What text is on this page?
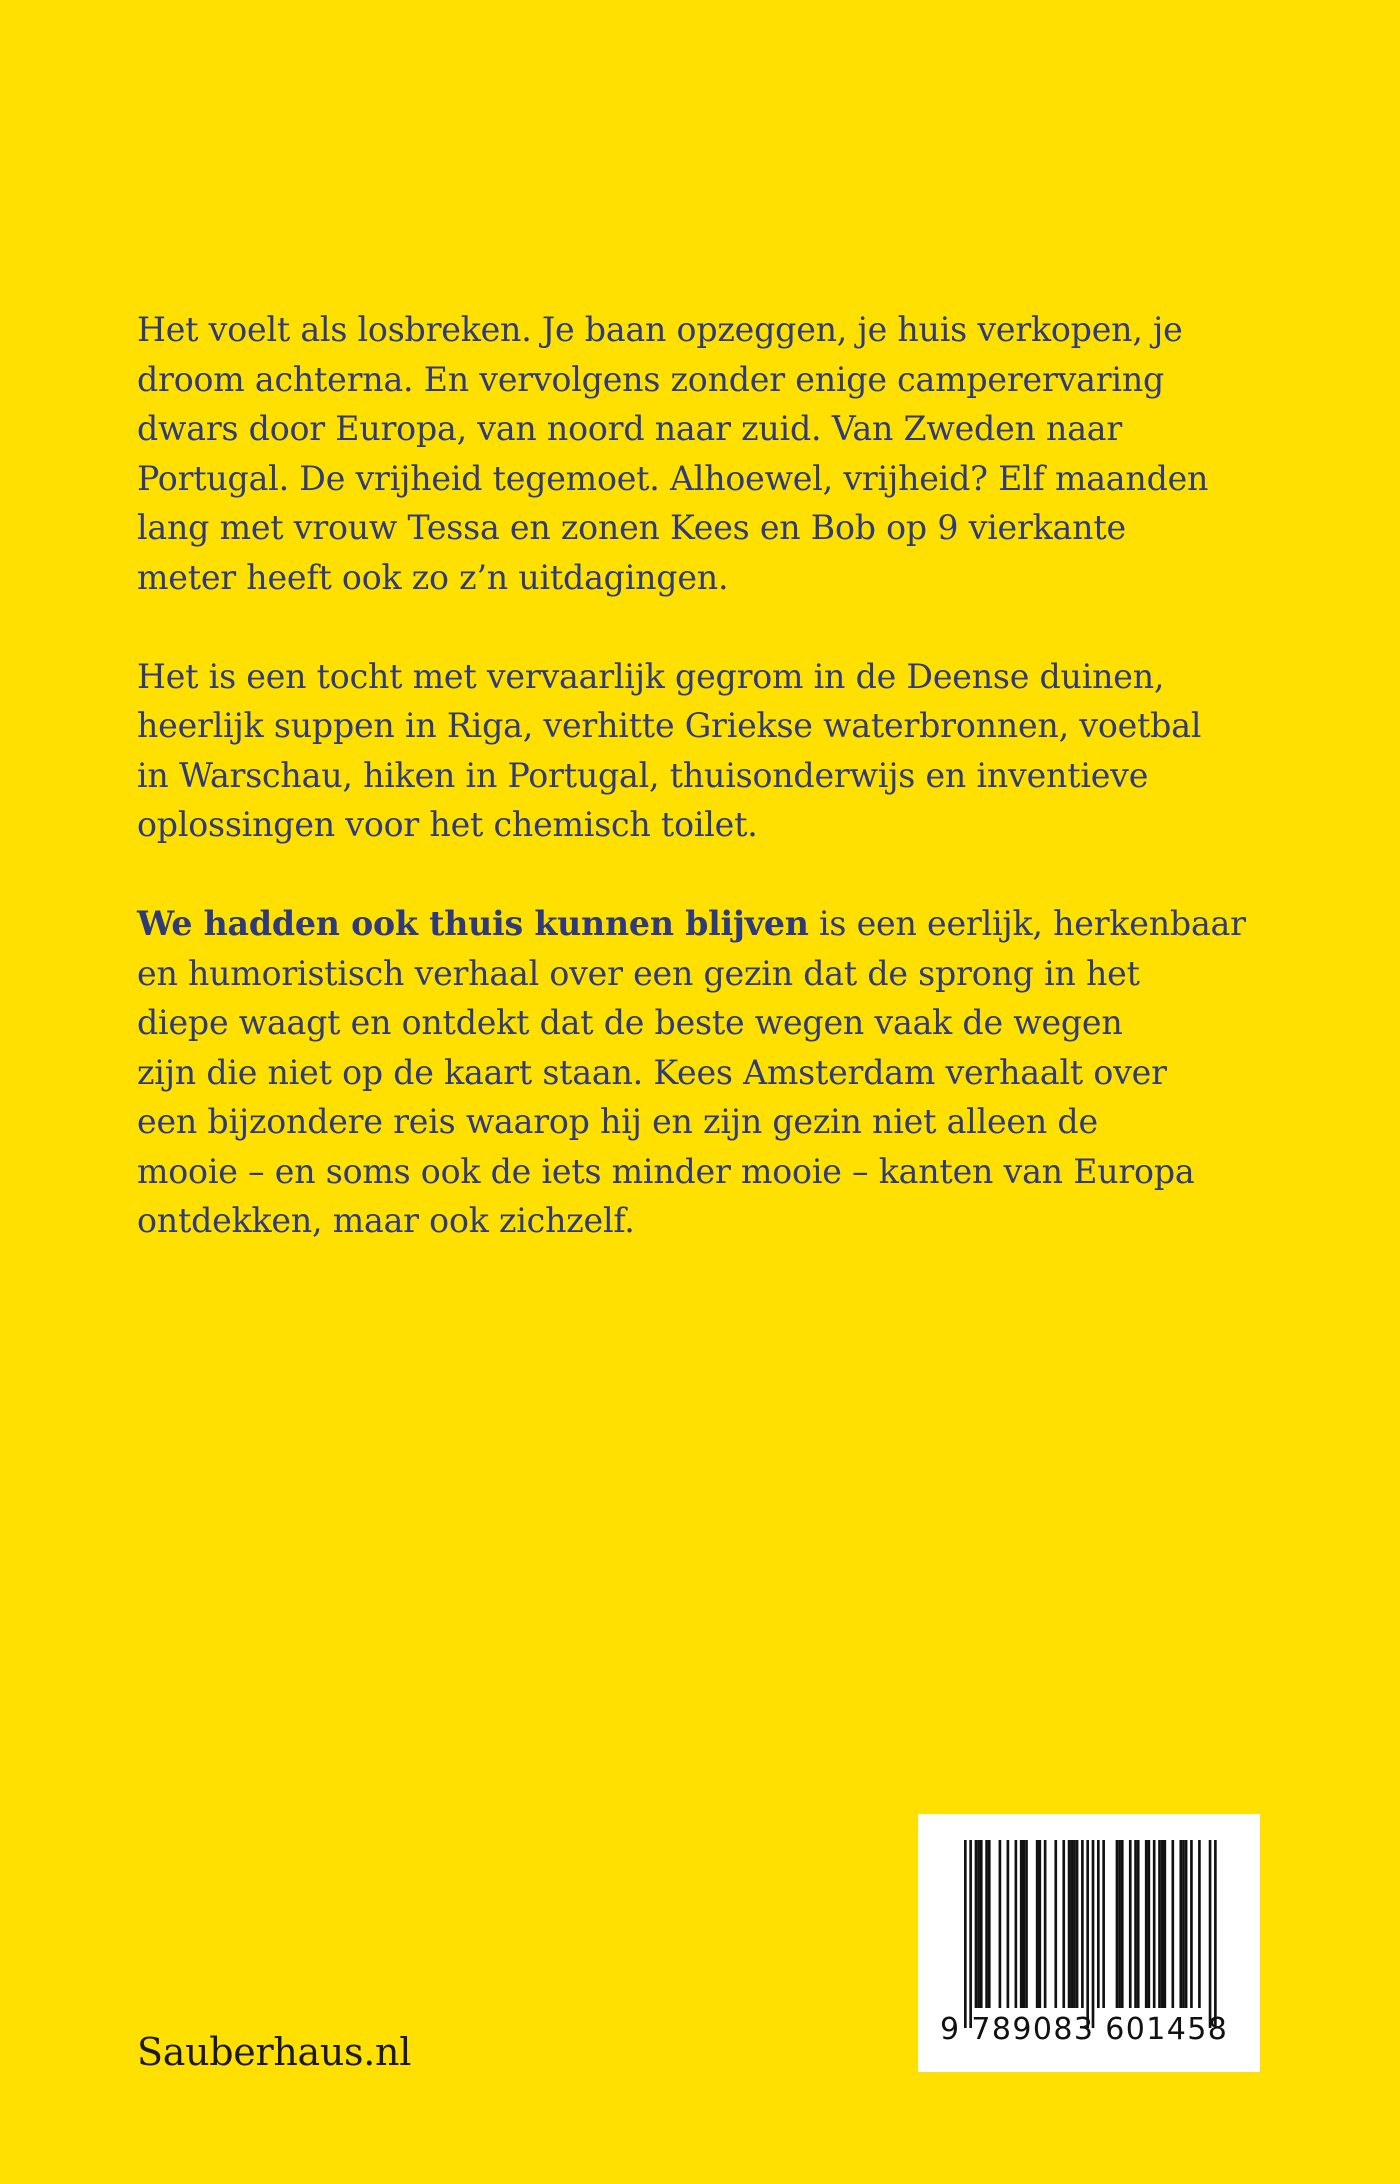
Het voelt als losbreken. Je baan opzeggen, je huis verkopen, je
droom achterna. En vervolgens zonder enige camperervaring
dwars door Europa, van noord naar zuid. Van Zweden naar
Portugal. De vrijheid tegemoet. Alhoewel, vrijheid? Elf maanden
lang met vrouw Tessa en zonen Kees en Bob op 9 vierkante
meter heeft ook zo z’n uitdagingen.

Het is een tocht met vervaarlijk gegrom in de Deense duinen,
heerlijk suppen in Riga, verhitte Griekse waterbronnen, voetbal
in Warschau, hiken in Portugal, thuisonderwijs en inventieve
oplossingen voor het chemisch toilet.

We hadden ook thuis kunnen blijven is een eerlijk, herkenbaar
en humoristisch verhaal over een gezin dat de sprong in het
diepe waagt en ontdekt dat de beste wegen vaak de wegen
zijn die niet op de kaart staan. Kees Amsterdam verhaalt over
een bijzondere reis waarop hij en zijn gezin niet alleen de
mooie – en soms ook de iets minder mooie – kanten van Europa
ontdekken, maar ook zichzelf.

Sauberhaus.nl
9 789083 601458
